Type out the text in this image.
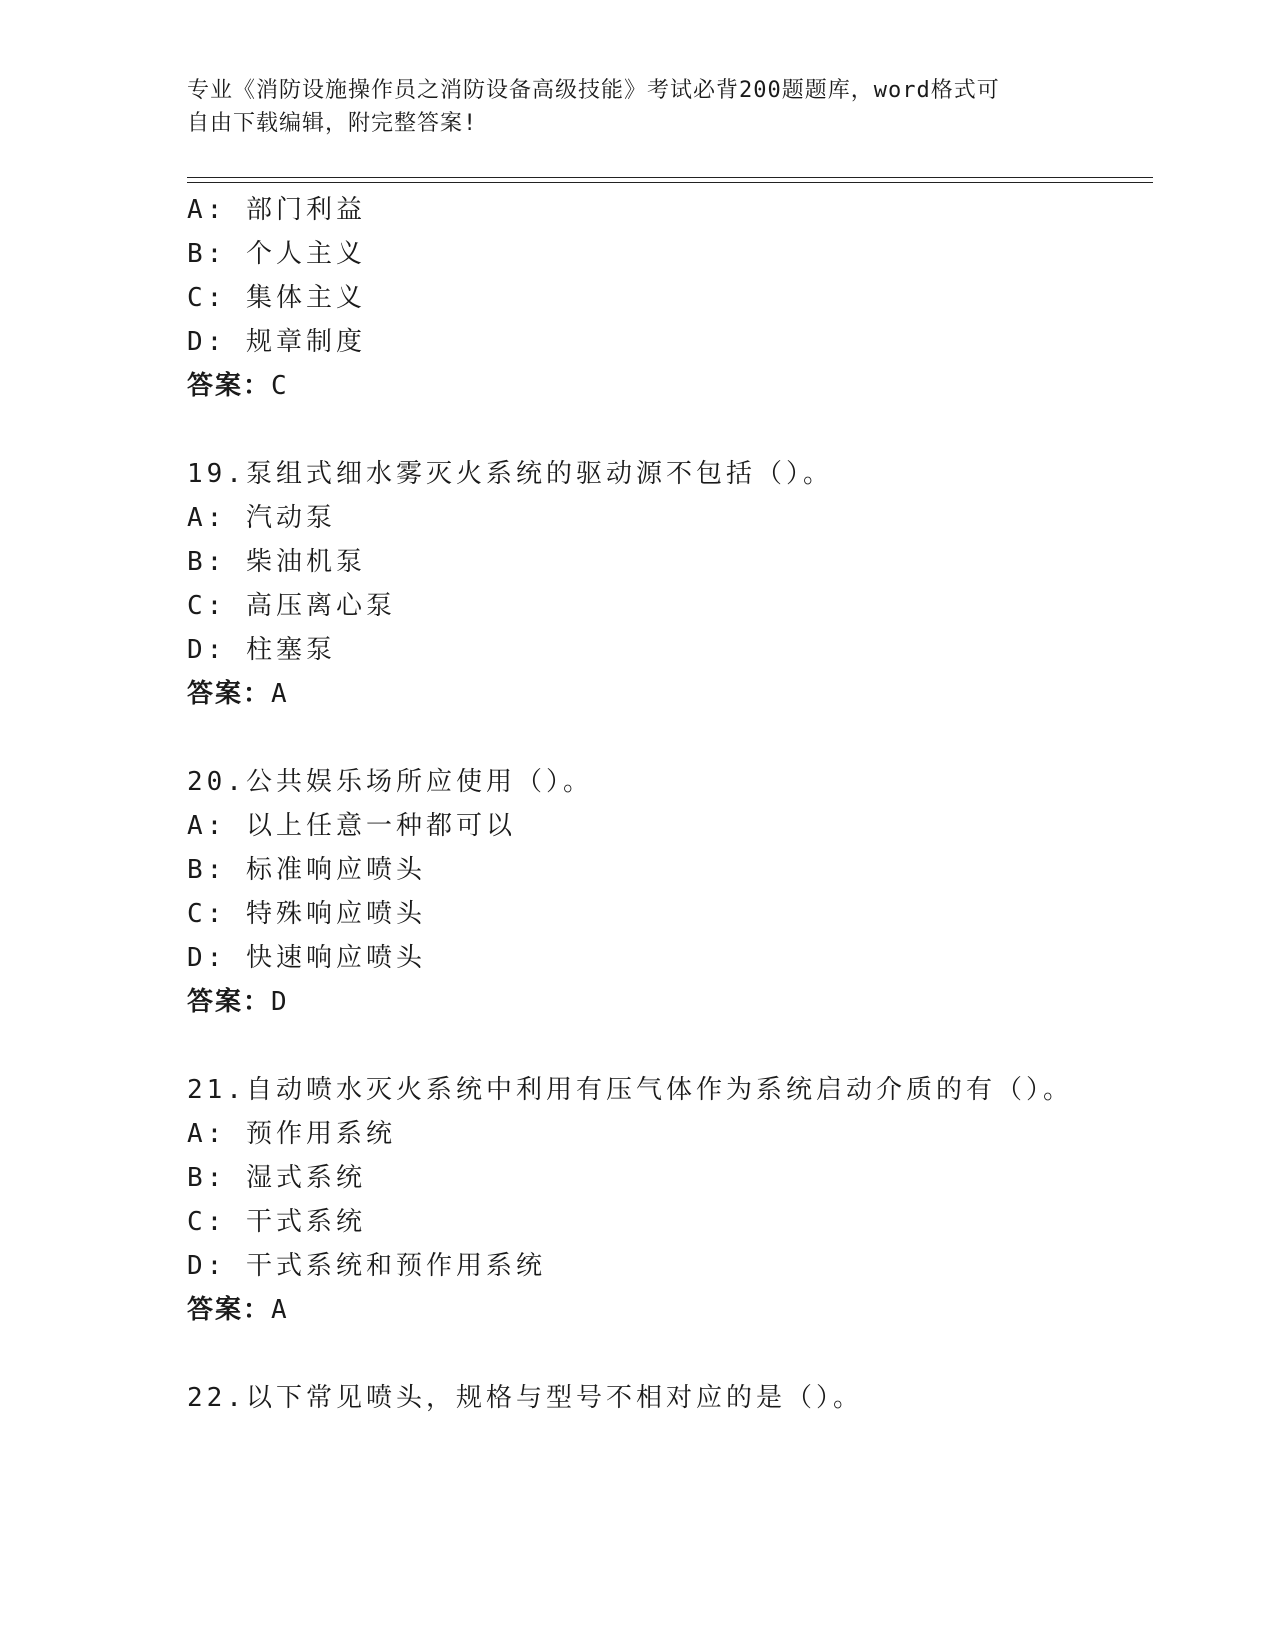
专业《消防设施操作员之消防设备高级技能》考试必背200题题库，word格式可
自由下载编辑，附完整答案!
A: 部门利益
B: 个人主义
C: 集体主义
D: 规章制度
答案：C
19.泵组式细水雾灭火系统的驱动源不包括（）。
A: 汽动泵
B: 柴油机泵
C: 高压离心泵
D: 柱塞泵
答案：A
20.公共娱乐场所应使用（）。
A: 以上任意一种都可以
B: 标准响应喷头
C: 特殊响应喷头
D: 快速响应喷头
答案：D
21.自动喷水灭火系统中利用有压气体作为系统启动介质的有（）。
A: 预作用系统
B: 湿式系统
C: 干式系统
D: 干式系统和预作用系统
答案：A
22.以下常见喷头，规格与型号不相对应的是（）。
